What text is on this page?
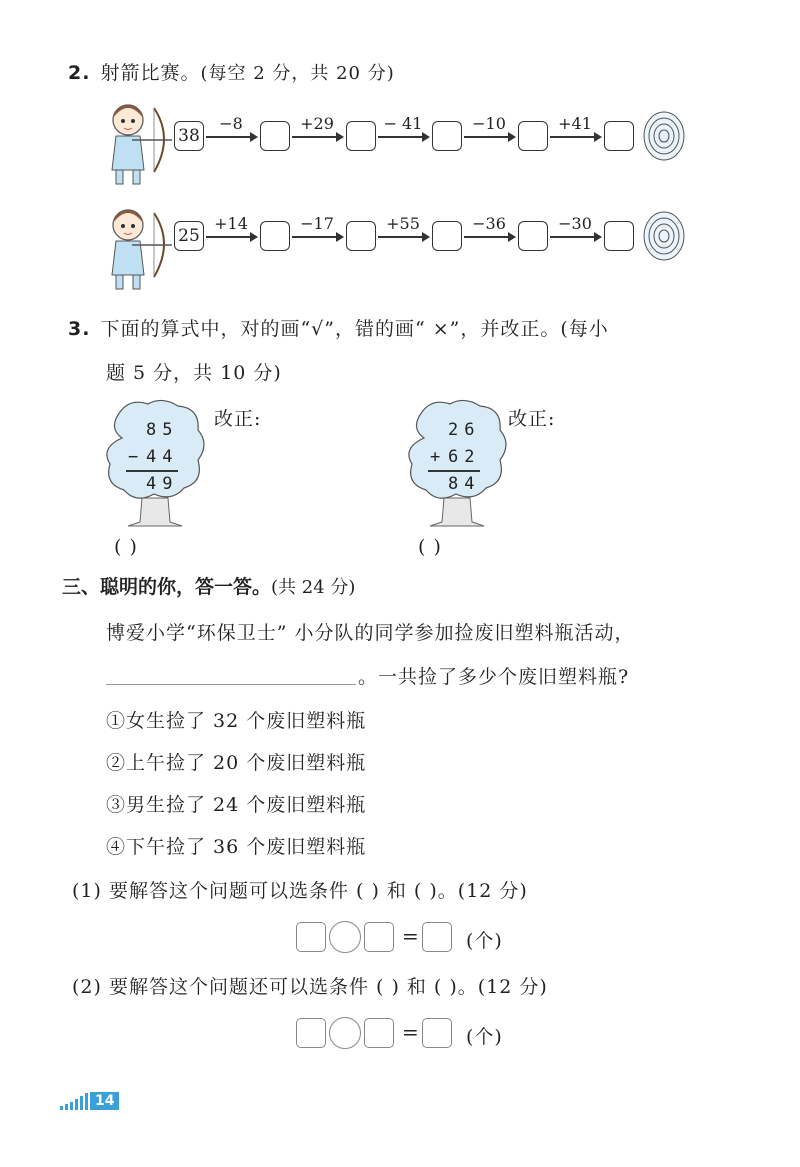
2. 射箭比赛。(每空 2 分，共 20 分)
38
−8	+29	− 41	−10	+41
25
+14	−17	+55	−36	−30
3. 下面的算式中，对的画“√”，错的画“ ×”，并改正。(每小
题 5 分，共 10 分)
85
− 44
49
改正:
( )
26
+ 62
84
改正:
( )
三、聪明的你，答一答。(共 24 分)
博爱小学“环保卫士” 小分队的同学参加捡废旧塑料瓶活动，
。一共捡了多少个废旧塑料瓶?
①女生捡了 32 个废旧塑料瓶
②上午捡了 20 个废旧塑料瓶
③男生捡了 24 个废旧塑料瓶
④下午捡了 36 个废旧塑料瓶
(1) 要解答这个问题可以选条件 ( ) 和 ( )。(12 分)
= (个)
(2) 要解答这个问题还可以选条件 ( ) 和 ( )。(12 分)
= (个)
14
